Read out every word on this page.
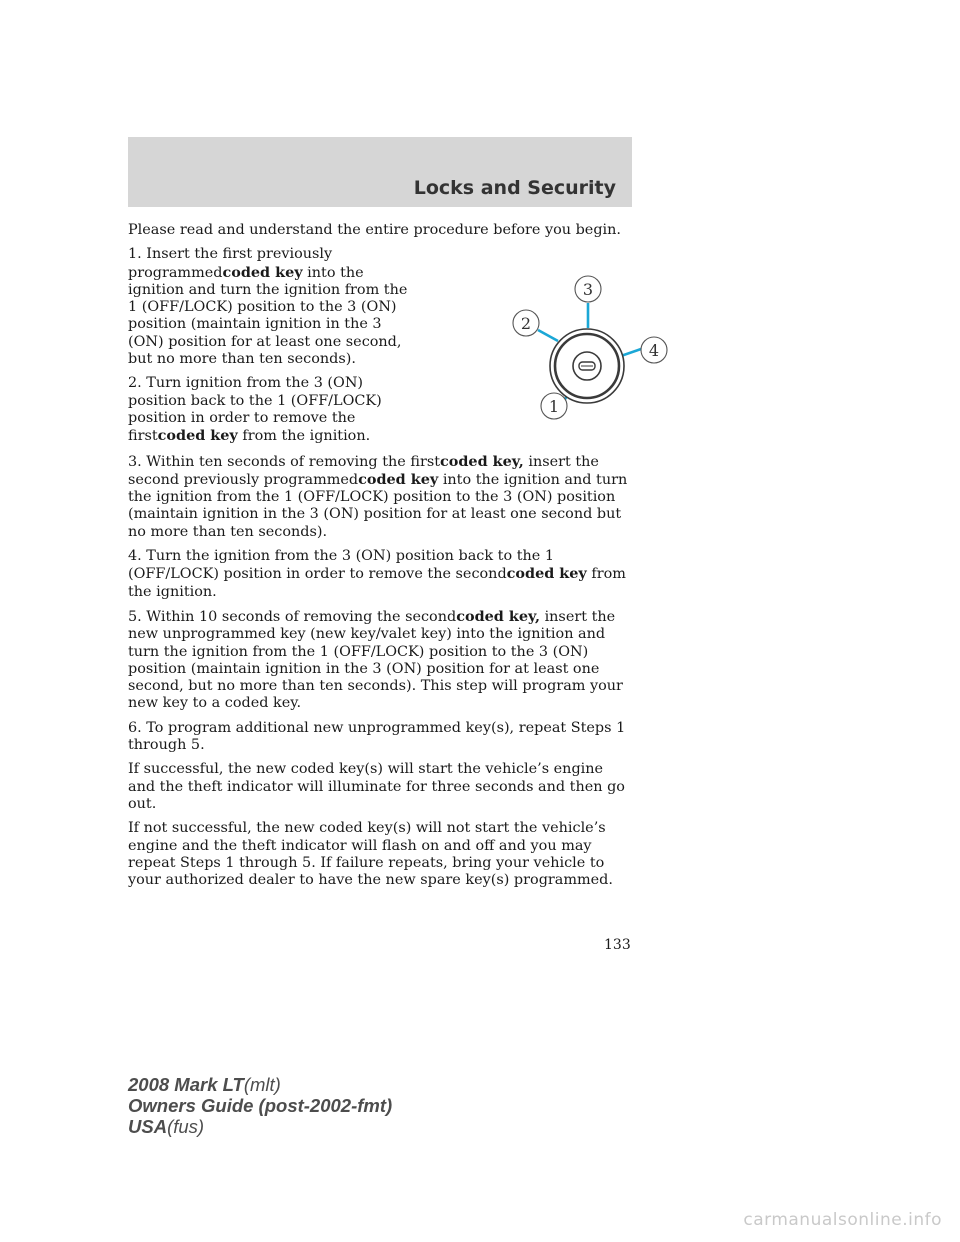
Locks and Security

Please read and understand the entire procedure before you begin.

3
2
4
1

1. Insert the first previously programmedcoded key into the ignition and turn the ignition from the 1 (OFF/LOCK) position to the 3 (ON) position (maintain ignition in the 3 (ON) position for at least one second, but no more than ten seconds).

2. Turn ignition from the 3 (ON) position back to the 1 (OFF/LOCK) position in order to remove the firstcoded key from the ignition.

3. Within ten seconds of removing the firstcoded key, insert the second previously programmedcoded key into the ignition and turn the ignition from the 1 (OFF/LOCK) position to the 3 (ON) position (maintain ignition in the 3 (ON) position for at least one second but no more than ten seconds).

4. Turn the ignition from the 3 (ON) position back to the 1 (OFF/LOCK) position in order to remove the secondcoded key from the ignition.

5. Within 10 seconds of removing the secondcoded key, insert the new unprogrammed key (new key/valet key) into the ignition and turn the ignition from the 1 (OFF/LOCK) position to the 3 (ON) position (maintain ignition in the 3 (ON) position for at least one second, but no more than ten seconds). This step will program your new key to a coded key.

6. To program additional new unprogrammed key(s), repeat Steps 1 through 5.

If successful, the new coded key(s) will start the vehicle’s engine and the theft indicator will illuminate for three seconds and then go out.

If not successful, the new coded key(s) will not start the vehicle’s engine and the theft indicator will flash on and off and you may repeat Steps 1 through 5. If failure repeats, bring your vehicle to your authorized dealer to have the new spare key(s) programmed.

133
2008 Mark LT(mlt)
Owners Guide (post-2002-fmt)
USA(fus)
carmanualsonline.info
